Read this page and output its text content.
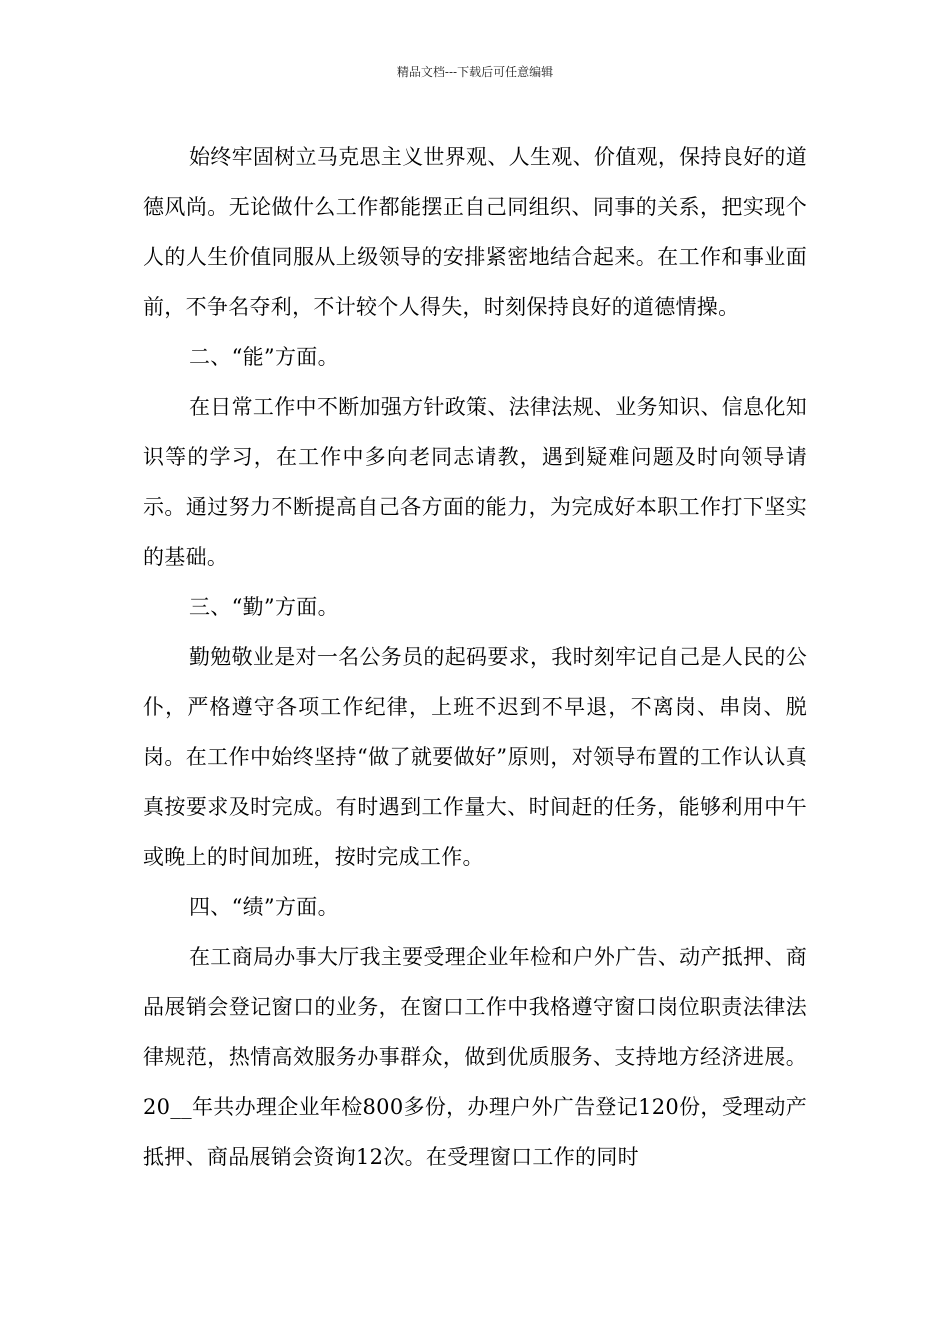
精品文档---下载后可任意编辑

始终牢固树立马克思主义世界观、人生观、价值观，保持良好的道德风尚。无论做什么工作都能摆正自己同组织、同事的关系，把实现个人的人生价值同服从上级领导的安排紧密地结合起来。在工作和事业面前，不争名夺利，不计较个人得失，时刻保持良好的道德情操。

二、“能”方面。

在日常工作中不断加强方针政策、法律法规、业务知识、信息化知识等的学习，在工作中多向老同志请教，遇到疑难问题及时向领导请示。通过努力不断提高自己各方面的能力，为完成好本职工作打下坚实的基础。

三、“勤”方面。

勤勉敬业是对一名公务员的起码要求，我时刻牢记自己是人民的公仆，严格遵守各项工作纪律，上班不迟到不早退，不离岗、串岗、脱岗。在工作中始终坚持“做了就要做好”原则，对领导布置的工作认认真真按要求及时完成。有时遇到工作量大、时间赶的任务，能够利用中午或晚上的时间加班，按时完成工作。

四、“绩”方面。

在工商局办事大厅我主要受理企业年检和户外广告、动产抵押、商品展销会登记窗口的业务，在窗口工作中我格遵守窗口岗位职责法律法律规范，热情高效服务办事群众，做到优质服务、支持地方经济进展。20__年共办理企业年检800多份，办理户外广告登记120份，受理动产抵押、商品展销会资询12次。在受理窗口工作的同时
